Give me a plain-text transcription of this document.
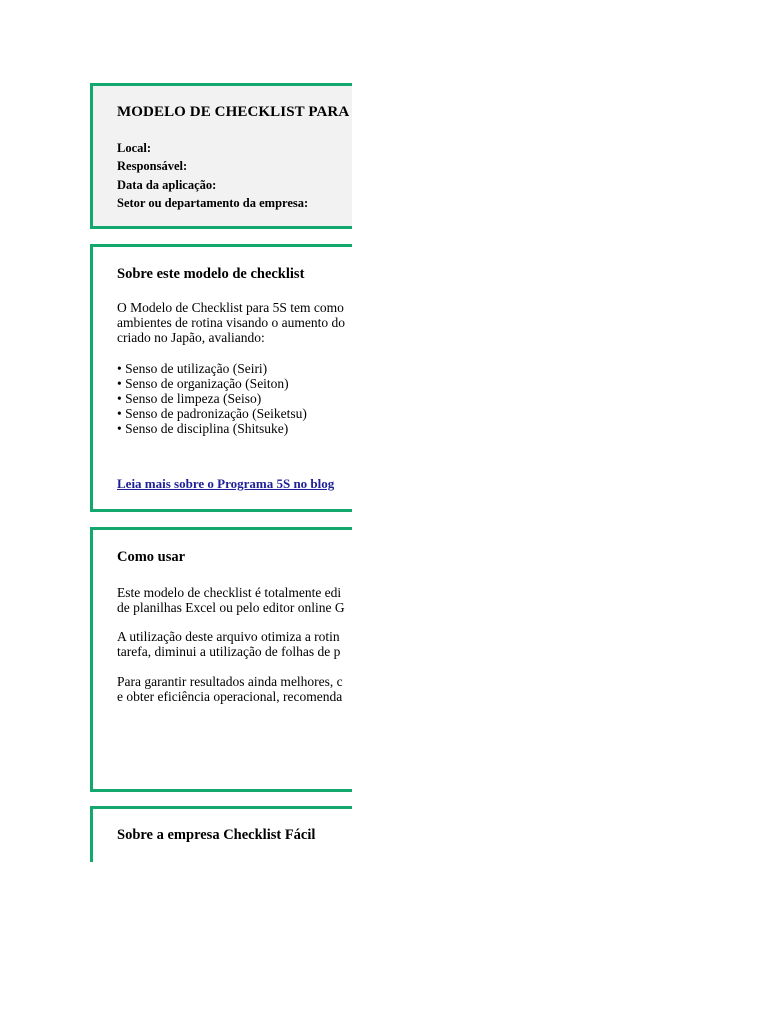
MODELO DE CHECKLIST PARA
Local:
Responsável:
Data da aplicação:
Setor ou departamento da empresa:
Sobre este modelo de checklist
O Modelo de Checklist para 5S tem como
ambientes de rotina visando o aumento do
criado no Japão, avaliando:
• Senso de utilização (Seiri)
• Senso de organização (Seiton)
• Senso de limpeza (Seiso)
• Senso de padronização (Seiketsu)
• Senso de disciplina (Shitsuke)
Leia mais sobre o Programa 5S no blog
Como usar
Este modelo de checklist é totalmente edi
de planilhas Excel ou pelo editor online G
A utilização deste arquivo otimiza a rotin
tarefa, diminui a utilização de folhas de p
Para garantir resultados ainda melhores, c
e obter eficiência operacional, recomenda
Sobre a empresa Checklist Fácil
